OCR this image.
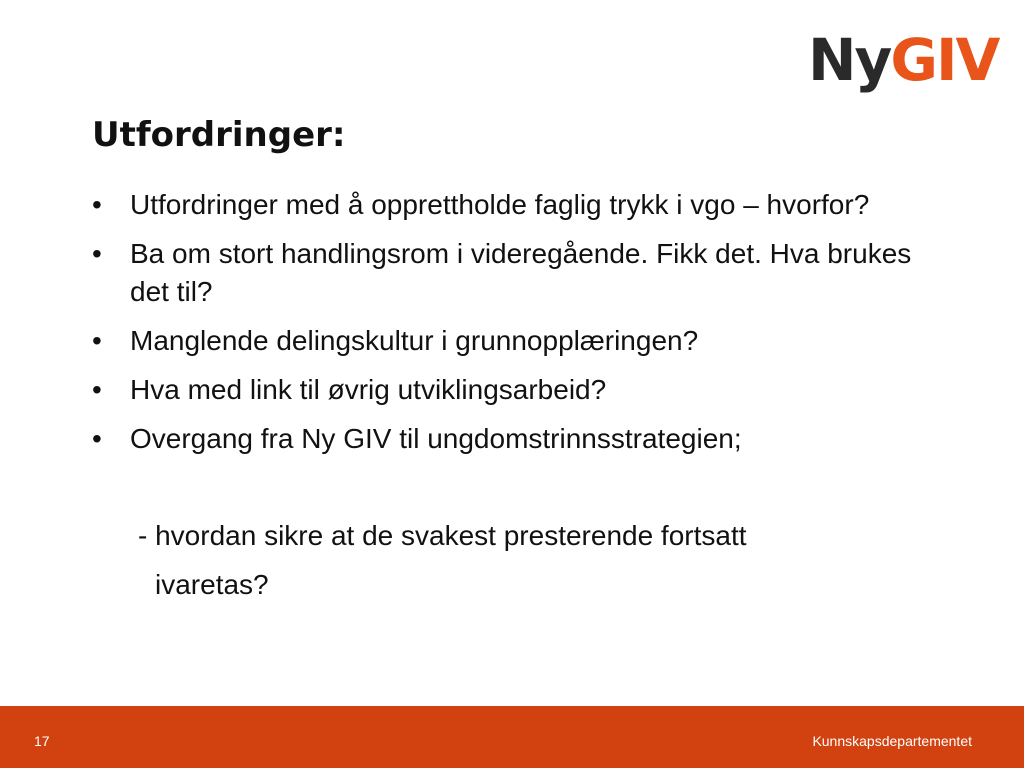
Ny GIV
Utfordringer:
• Utfordringer med å opprettholde faglig trykk i vgo – hvorfor?
• Ba om stort handlingsrom i videregående. Fikk det. Hva brukes det til?
• Manglende delingskultur i grunnopplæringen?
• Hva med link til øvrig utviklingsarbeid?
• Overgang fra Ny GIV til ungdomstrinnsstrategien;
- hvordan sikre at de svakest presterende fortsatt
ivaretas?
17	Kunnskapsdepartementet
